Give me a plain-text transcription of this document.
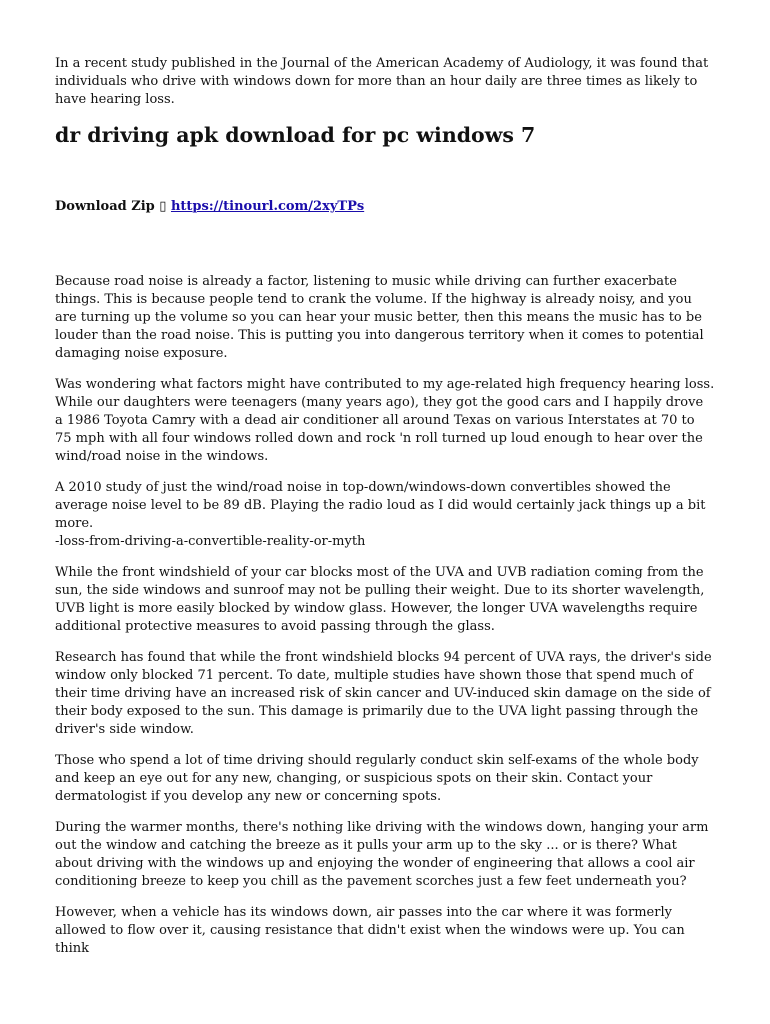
In a recent study published in the Journal of the American Academy of Audiology, it was found that individuals who drive with windows down for more than an hour daily are three times as likely to have hearing loss.

dr driving apk download for pc windows 7
Download Zip ▯ https://tinourl.com/2xyTPs

Because road noise is already a factor, listening to music while driving can further exacerbate things. This is because people tend to crank the volume. If the highway is already noisy, and you are turning up the volume so you can hear your music better, then this means the music has to be louder than the road noise. This is putting you into dangerous territory when it comes to potential damaging noise exposure.

Was wondering what factors might have contributed to my age-related high frequency hearing loss. While our daughters were teenagers (many years ago), they got the good cars and I happily drove a 1986 Toyota Camry with a dead air conditioner all around Texas on various Interstates at 70 to 75 mph with all four windows rolled down and rock 'n roll turned up loud enough to hear over the wind/road noise in the windows.

A 2010 study of just the wind/road noise in top-down/windows-down convertibles showed the average noise level to be 89 dB. Playing the radio loud as I did would certainly jack things up a bit more.
-loss-from-driving-a-convertible-reality-or-myth

While the front windshield of your car blocks most of the UVA and UVB radiation coming from the sun, the side windows and sunroof may not be pulling their weight. Due to its shorter wavelength, UVB light is more easily blocked by window glass. However, the longer UVA wavelengths require additional protective measures to avoid passing through the glass.

Research has found that while the front windshield blocks 94 percent of UVA rays, the driver's side window only blocked 71 percent. To date, multiple studies have shown those that spend much of their time driving have an increased risk of skin cancer and UV-induced skin damage on the side of their body exposed to the sun. This damage is primarily due to the UVA light passing through the driver's side window.

Those who spend a lot of time driving should regularly conduct skin self-exams of the whole body and keep an eye out for any new, changing, or suspicious spots on their skin. Contact your dermatologist if you develop any new or concerning spots.

During the warmer months, there's nothing like driving with the windows down, hanging your arm out the window and catching the breeze as it pulls your arm up to the sky ... or is there? What about driving with the windows up and enjoying the wonder of engineering that allows a cool air conditioning breeze to keep you chill as the pavement scorches just a few feet underneath you?

However, when a vehicle has its windows down, air passes into the car where it was formerly allowed to flow over it, causing resistance that didn't exist when the windows were up. You can think
